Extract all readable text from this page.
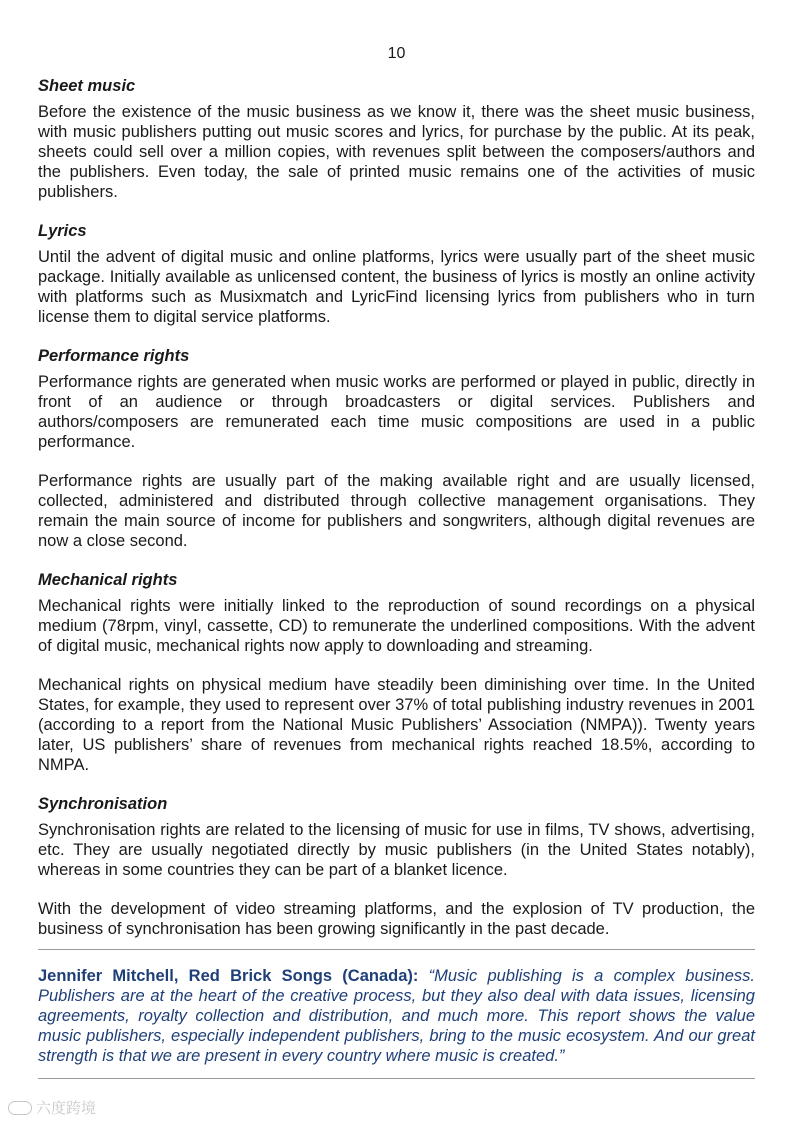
10
Sheet music

Before the existence of the music business as we know it, there was the sheet music business, with music publishers putting out music scores and lyrics, for purchase by the public. At its peak, sheets could sell over a million copies, with revenues split between the composers/authors and the publishers. Even today, the sale of printed music remains one of the activities of music publishers.

Lyrics

Until the advent of digital music and online platforms, lyrics were usually part of the sheet music package. Initially available as unlicensed content, the business of lyrics is mostly an online activity with platforms such as Musixmatch and LyricFind licensing lyrics from publishers who in turn license them to digital service platforms.

Performance rights

Performance rights are generated when music works are performed or played in public, directly in front of an audience or through broadcasters or digital services. Publishers and authors/composers are remunerated each time music compositions are used in a public performance.

Performance rights are usually part of the making available right and are usually licensed, collected, administered and distributed through collective management organisations. They remain the main source of income for publishers and songwriters, although digital revenues are now a close second.

Mechanical rights

Mechanical rights were initially linked to the reproduction of sound recordings on a physical medium (78rpm, vinyl, cassette, CD) to remunerate the underlined compositions. With the advent of digital music, mechanical rights now apply to downloading and streaming.

Mechanical rights on physical medium have steadily been diminishing over time. In the United States, for example, they used to represent over 37% of total publishing industry revenues in 2001 (according to a report from the National Music Publishers’ Association (NMPA)). Twenty years later, US publishers’ share of revenues from mechanical rights reached 18.5%, according to NMPA.

Synchronisation

Synchronisation rights are related to the licensing of music for use in films, TV shows, advertising, etc. They are usually negotiated directly by music publishers (in the United States notably), whereas in some countries they can be part of a blanket licence.

With the development of video streaming platforms, and the explosion of TV production, the business of synchronisation has been growing significantly in the past decade.

Jennifer Mitchell, Red Brick Songs (Canada): “Music publishing is a complex business. Publishers are at the heart of the creative process, but they also deal with data issues, licensing agreements, royalty collection and distribution, and much more. This report shows the value music publishers, especially independent publishers, bring to the music ecosystem. And our great strength is that we are present in every country where music is created.”
六度跨境
